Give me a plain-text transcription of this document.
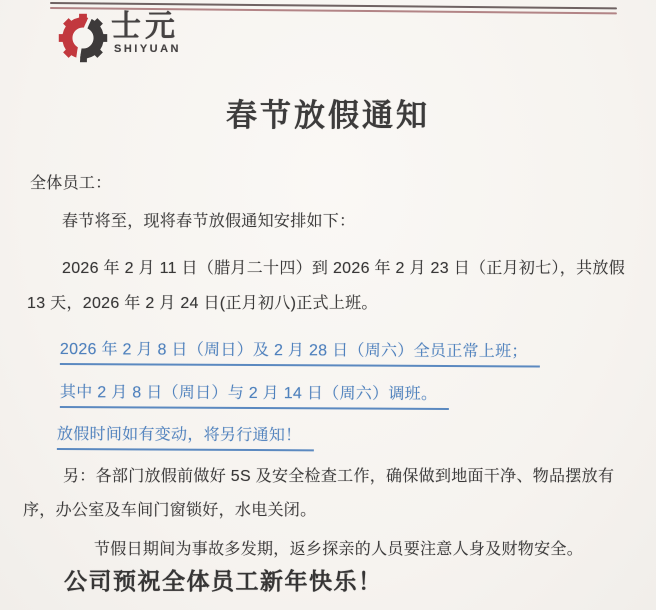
士元
SHIYUAN
春节放假通知
全体员工：
春节将至，现将春节放假通知安排如下：
2026 年 2 月 11 日（腊月二十四）到 2026 年 2 月 23 日（正月初七），共放假
13 天，2026 年 2 月 24 日(正月初八)正式上班。
2026 年 2 月 8 日（周日）及 2 月 28 日（周六）全员正常上班；
其中 2 月 8 日（周日）与 2 月 14 日（周六）调班。
放假时间如有变动，将另行通知！
另：各部门放假前做好 5S 及安全检查工作，确保做到地面干净、物品摆放有
序，办公室及车间门窗锁好，水电关闭。
节假日期间为事故多发期，返乡探亲的人员要注意人身及财物安全。
公司预祝全体员工新年快乐！
